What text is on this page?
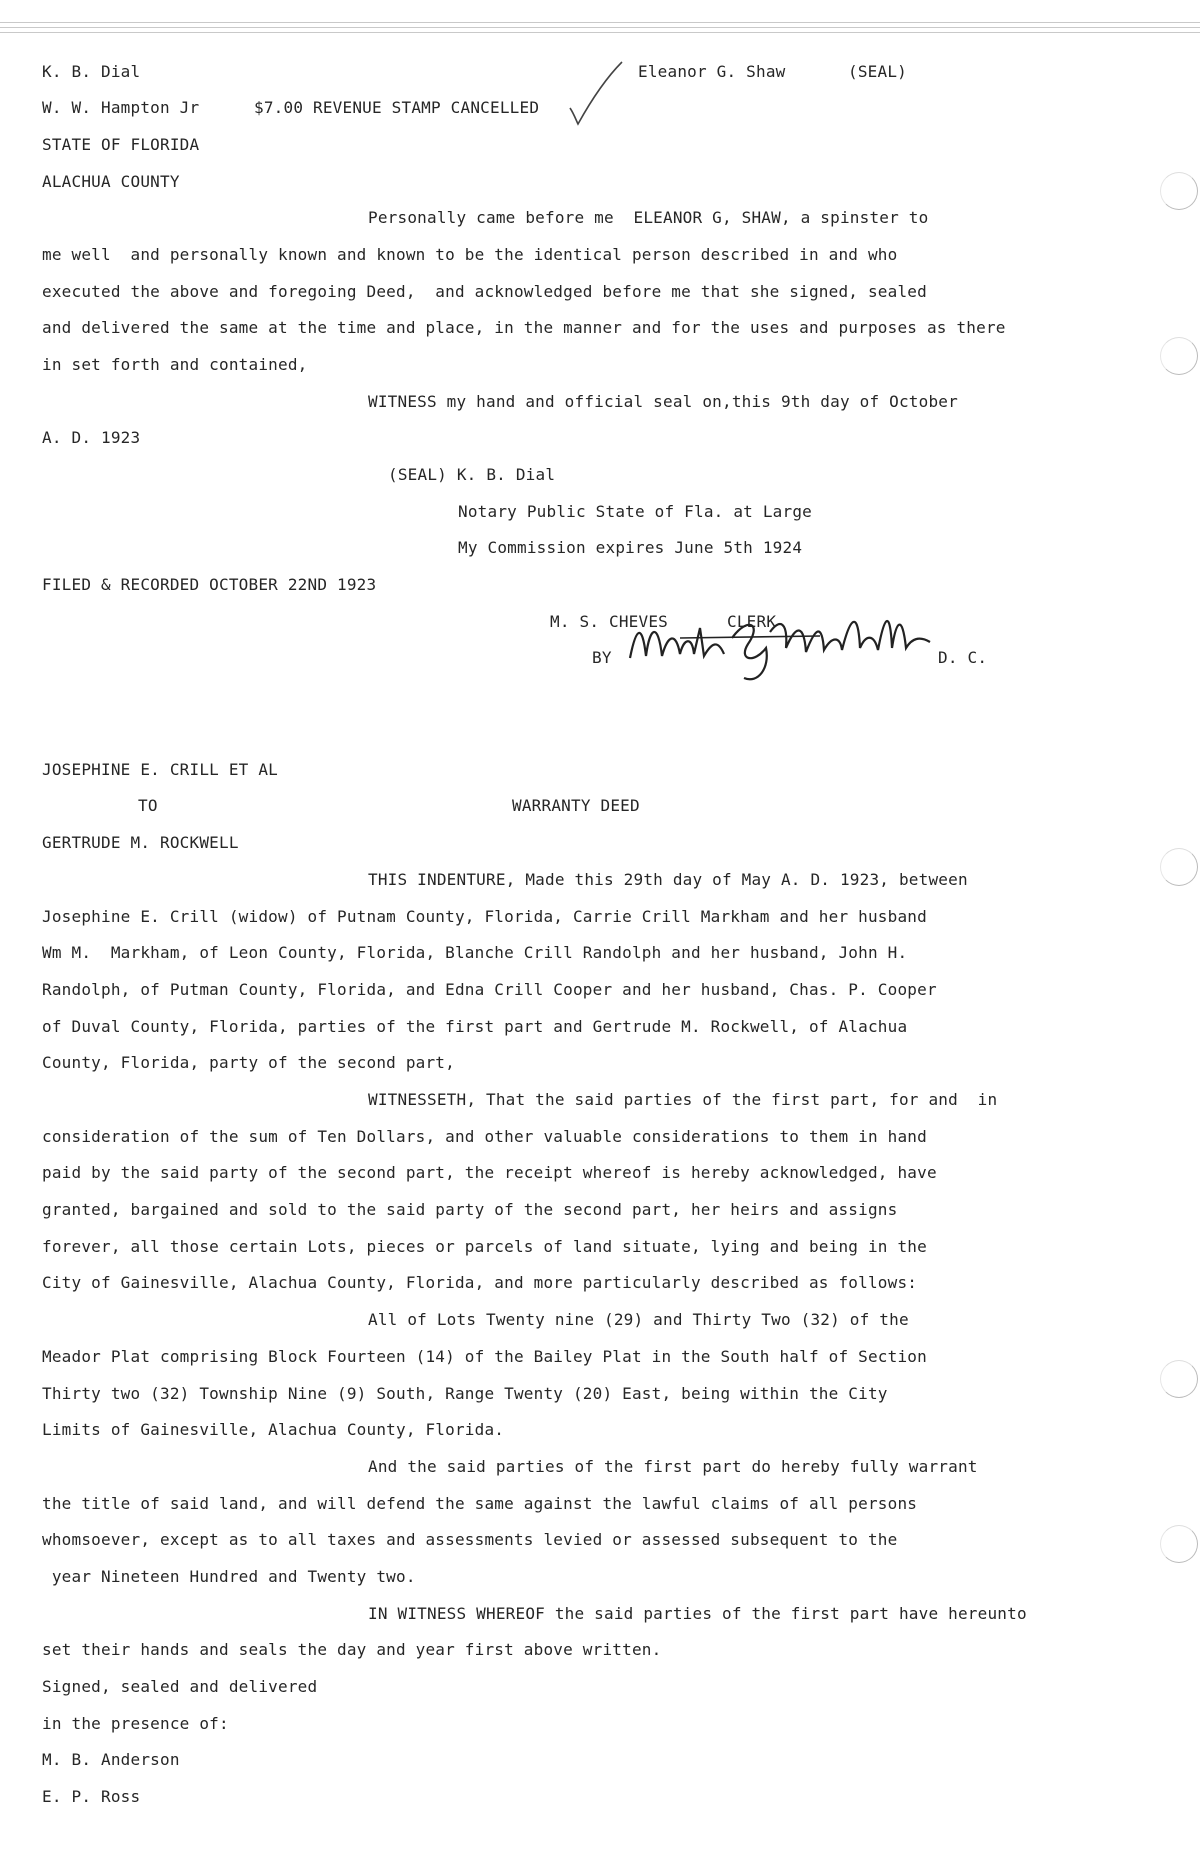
K. B. Dial	Eleanor G. Shaw	(SEAL)
W. W. Hampton Jr	$7.00 REVENUE STAMP CANCELLED
STATE OF FLORIDA
ALACHUA COUNTY
Personally came before me  ELEANOR G, SHAW, a spinster to
me well  and personally known and known to be the identical person described in and who
executed the above and foregoing Deed,  and acknowledged before me that she signed, sealed
and delivered the same at the time and place, in the manner and for the uses and purposes as there
in set forth and contained,
WITNESS my hand and official seal on,this 9th day of October
A. D. 1923
(SEAL) K. B. Dial
Notary Public State of Fla. at Large
My Commission expires June 5th 1924
FILED & RECORDED OCTOBER 22ND 1923
M. S. CHEVES      CLERK
BY	D. C.
JOSEPHINE E. CRILL ET AL
TO	WARRANTY DEED
GERTRUDE M. ROCKWELL
THIS INDENTURE, Made this 29th day of May A. D. 1923, between
Josephine E. Crill (widow) of Putnam County, Florida, Carrie Crill Markham and her husband
Wm M.  Markham, of Leon County, Florida, Blanche Crill Randolph and her husband, John H.
Randolph, of Putman County, Florida, and Edna Crill Cooper and her husband, Chas. P. Cooper
of Duval County, Florida, parties of the first part and Gertrude M. Rockwell, of Alachua
County, Florida, party of the second part,
WITNESSETH, That the said parties of the first part, for and  in
consideration of the sum of Ten Dollars, and other valuable considerations to them in hand
paid by the said party of the second part, the receipt whereof is hereby acknowledged, have
granted, bargained and sold to the said party of the second part, her heirs and assigns
forever, all those certain Lots, pieces or parcels of land situate, lying and being in the
City of Gainesville, Alachua County, Florida, and more particularly described as follows:
All of Lots Twenty nine (29) and Thirty Two (32) of the
Meador Plat comprising Block Fourteen (14) of the Bailey Plat in the South half of Section
Thirty two (32) Township Nine (9) South, Range Twenty (20) East, being within the City
Limits of Gainesville, Alachua County, Florida.
And the said parties of the first part do hereby fully warrant
the title of said land, and will defend the same against the lawful claims of all persons
whomsoever, except as to all taxes and assessments levied or assessed subsequent to the
year Nineteen Hundred and Twenty two.
IN WITNESS WHEREOF the said parties of the first part have hereunto
set their hands and seals the day and year first above written.
Signed, sealed and delivered
in the presence of:
M. B. Anderson
E. P. Ross
